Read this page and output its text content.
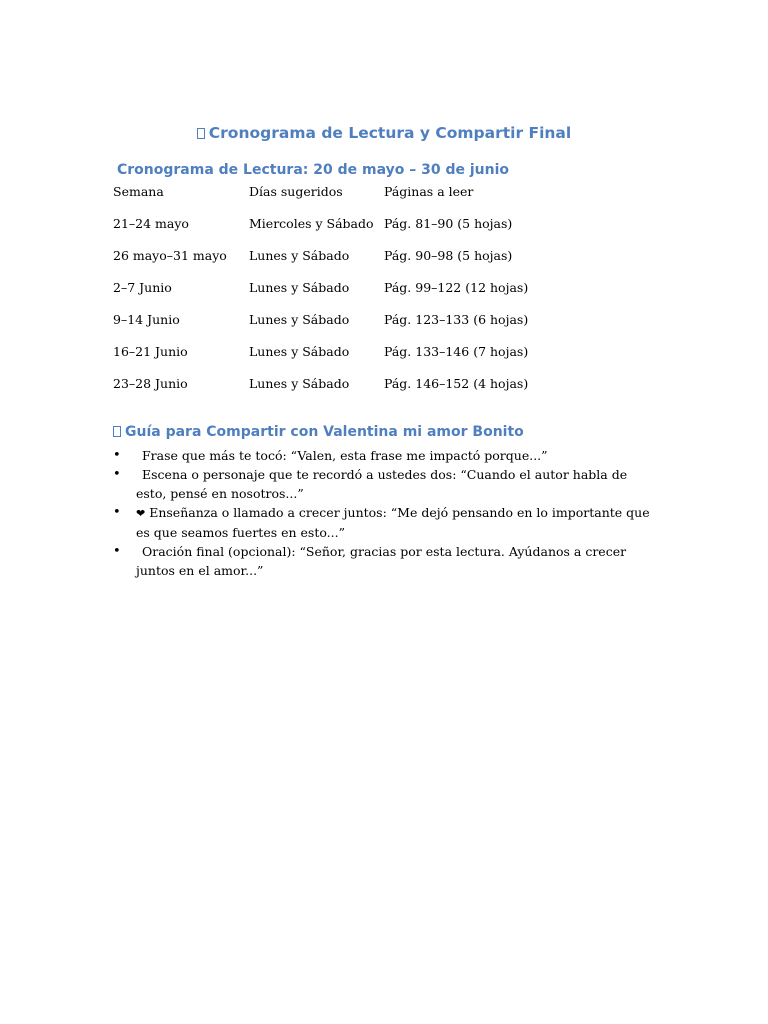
Cronograma de Lectura y Compartir Final
Cronograma de Lectura: 20 de mayo – 30 de junio
Semana	Días sugeridos	Páginas a leer
21–24 mayo	Miercoles y Sábado	Pág. 81–90 (5 hojas)
26 mayo–31 mayo	Lunes y Sábado	Pág. 90–98 (5 hojas)
2–7 Junio	Lunes y Sábado	Pág. 99–122 (12 hojas)
9–14 Junio	Lunes y Sábado	Pág. 123–133 (6 hojas)
16–21 Junio	Lunes y Sábado	Pág. 133–146 (7 hojas)
23–28 Junio	Lunes y Sábado	Pág. 146–152 (4 hojas)
Guía para Compartir con Valentina mi amor Bonito
• Frase que más te tocó: “Valen, esta frase me impactó porque...”
• Escena o personaje que te recordó a ustedes dos: “Cuando el autor habla de esto, pensé en nosotros...”
• ❤ Enseñanza o llamado a crecer juntos: “Me dejó pensando en lo importante que es que seamos fuertes en esto...”
• Oración final (opcional): “Señor, gracias por esta lectura. Ayúdanos a crecer juntos en el amor...”
